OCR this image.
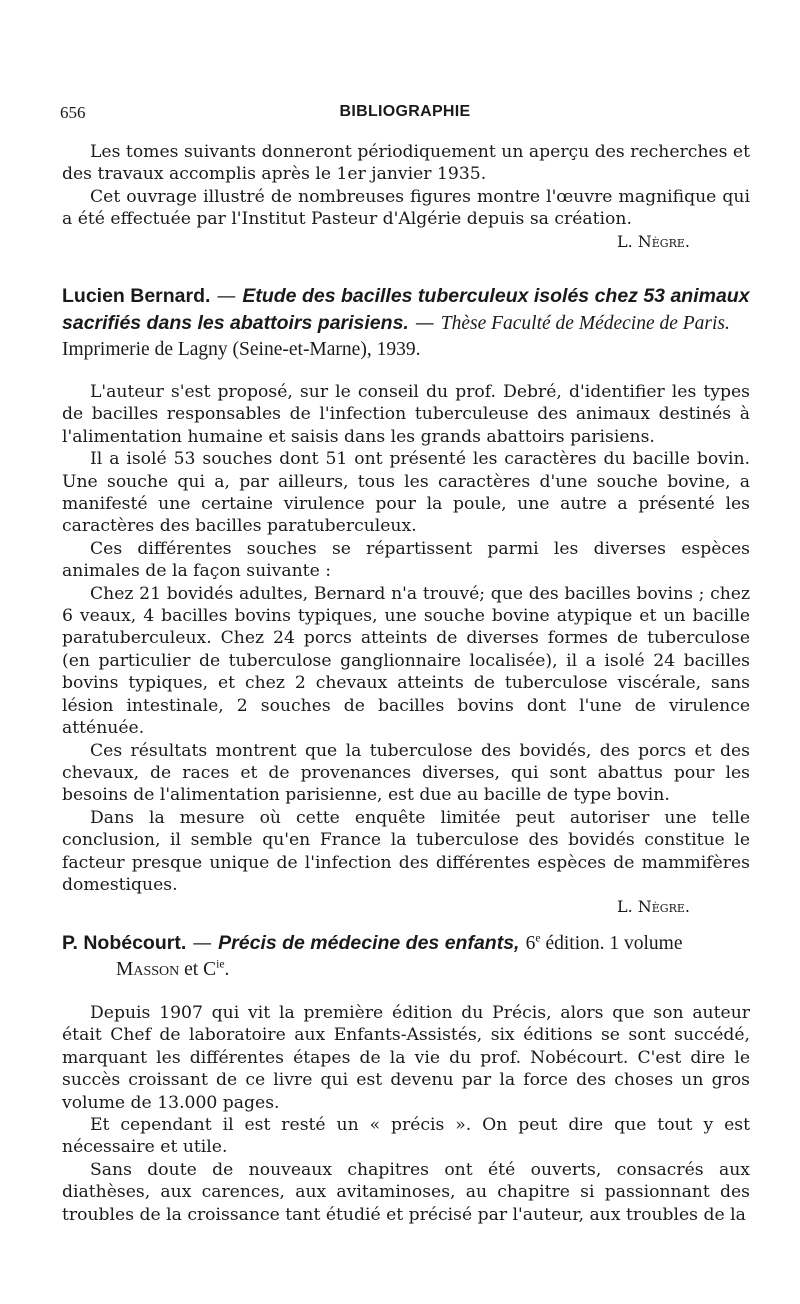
656	BIBLIOGRAPHIE

Les tomes suivants donneront périodiquement un aperçu des recherches et des travaux accomplis après le 1er janvier 1935.

Cet ouvrage illustré de nombreuses figures montre l'œuvre magnifique qui a été effectuée par l'Institut Pasteur d'Algérie depuis sa création.

L. Nègre.
Lucien Bernard. — Etude des bacilles tuberculeux isolés chez 53 animaux sacrifiés dans les abattoirs parisiens. — Thèse Faculté de Médecine de Paris. Imprimerie de Lagny (Seine-et-Marne), 1939.

L'auteur s'est proposé, sur le conseil du prof. Debré, d'identifier les types de bacilles responsables de l'infection tuberculeuse des animaux destinés à l'alimentation humaine et saisis dans les grands abattoirs parisiens.

Il a isolé 53 souches dont 51 ont présenté les caractères du bacille bovin. Une souche qui a, par ailleurs, tous les caractères d'une souche bovine, a manifesté une certaine virulence pour la poule, une autre a présenté les caractères des bacilles paratuberculeux.

Ces différentes souches se répartissent parmi les diverses espèces animales de la façon suivante :

Chez 21 bovidés adultes, Bernard n'a trouvé; que des bacilles bovins ; chez 6 veaux, 4 bacilles bovins typiques, une souche bovine atypique et un bacille paratuberculeux. Chez 24 porcs atteints de diverses formes de tuberculose (en particulier de tuberculose ganglionnaire localisée), il a isolé 24 bacilles bovins typiques, et chez 2 chevaux atteints de tuberculose viscérale, sans lésion intestinale, 2 souches de bacilles bovins dont l'une de virulence atténuée.

Ces résultats montrent que la tuberculose des bovidés, des porcs et des chevaux, de races et de provenances diverses, qui sont abattus pour les besoins de l'alimentation parisienne, est due au bacille de type bovin.

Dans la mesure où cette enquête limitée peut autoriser une telle conclusion, il semble qu'en France la tuberculose des bovidés constitue le facteur presque unique de l'infection des différentes espèces de mammifères domestiques.

L. Nègre.
P. Nobécourt. — Précis de médecine des enfants, 6e édition. 1 volume
Masson et $C^{ie}$.

Depuis 1907 qui vit la première édition du Précis, alors que son auteur était Chef de laboratoire aux Enfants-Assistés, six éditions se sont succédé, marquant les différentes étapes de la vie du prof. Nobécourt. C'est dire le succès croissant de ce livre qui est devenu par la force des choses un gros volume de 13.000 pages.

Et cependant il est resté un « précis ». On peut dire que tout y est nécessaire et utile.

Sans doute de nouveaux chapitres ont été ouverts, consacrés aux diathèses, aux carences, aux avitaminoses, au chapitre si passionnant des troubles de la croissance tant étudié et précisé par l'auteur, aux troubles de la
